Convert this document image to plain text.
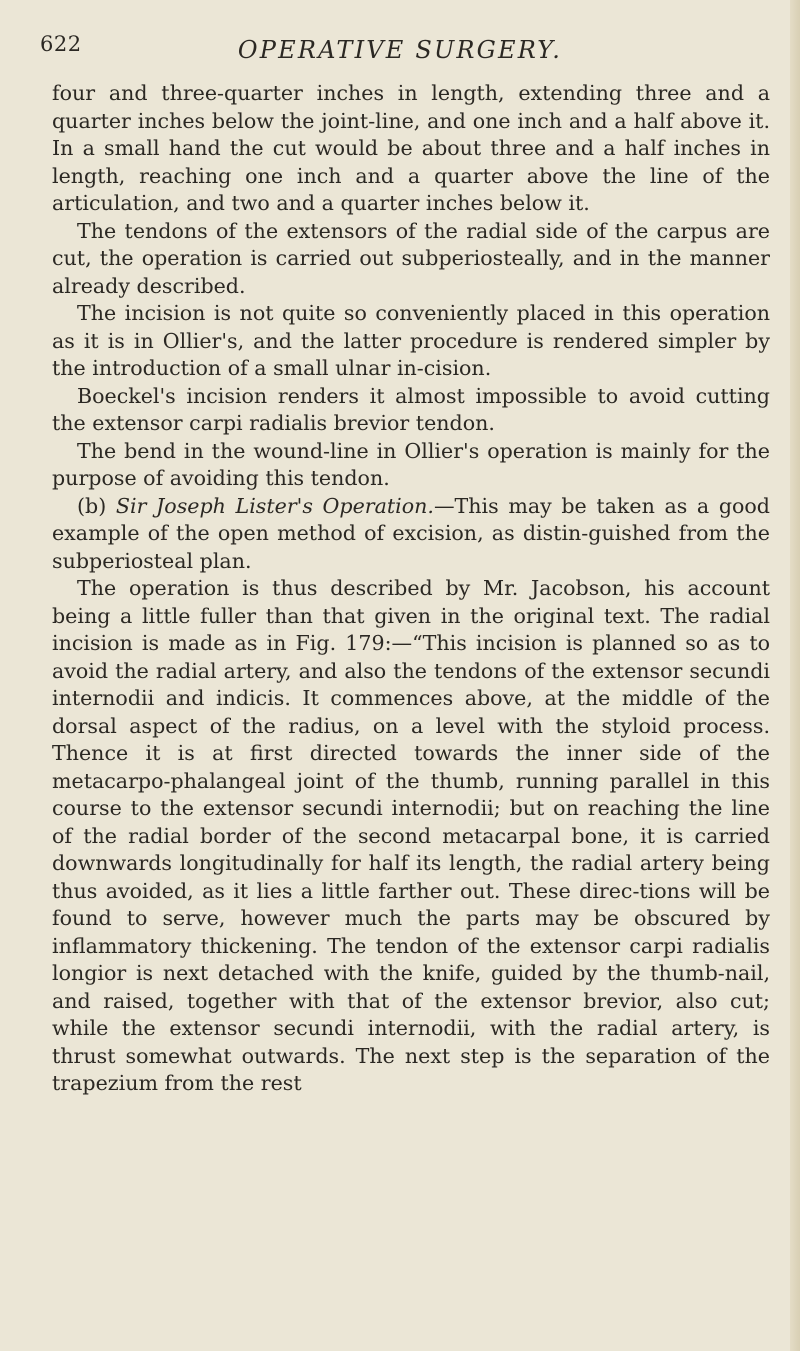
622	OPERATIVE SURGERY.

four and three-quarter inches in length, extending three and a quarter inches below the joint-line, and one inch and a half above it. In a small hand the cut would be about three and a half inches in length, reaching one inch and a quarter above the line of the articulation, and two and a quarter inches below it.

The tendons of the extensors of the radial side of the carpus are cut, the operation is carried out subperiosteally, and in the manner already described.

The incision is not quite so conveniently placed in this operation as it is in Ollier's, and the latter procedure is rendered simpler by the introduction of a small ulnar in-cision.

Boeckel's incision renders it almost impossible to avoid cutting the extensor carpi radialis brevior tendon.

The bend in the wound-line in Ollier's operation is mainly for the purpose of avoiding this tendon.

(b) Sir Joseph Lister's Operation.—This may be taken as a good example of the open method of excision, as distin-guished from the subperiosteal plan.

The operation is thus described by Mr. Jacobson, his account being a little fuller than that given in the original text. The radial incision is made as in Fig. 179:—“This incision is planned so as to avoid the radial artery, and also the tendons of the extensor secundi internodii and indicis. It commences above, at the middle of the dorsal aspect of the radius, on a level with the styloid process. Thence it is at first directed towards the inner side of the metacarpo-phalangeal joint of the thumb, running parallel in this course to the extensor secundi internodii; but on reaching the line of the radial border of the second metacarpal bone, it is carried downwards longitudinally for half its length, the radial artery being thus avoided, as it lies a little farther out. These direc-tions will be found to serve, however much the parts may be obscured by inflammatory thickening. The tendon of the extensor carpi radialis longior is next detached with the knife, guided by the thumb-nail, and raised, together with that of the extensor brevior, also cut; while the extensor secundi internodii, with the radial artery, is thrust somewhat outwards. The next step is the separation of the trapezium from the rest
